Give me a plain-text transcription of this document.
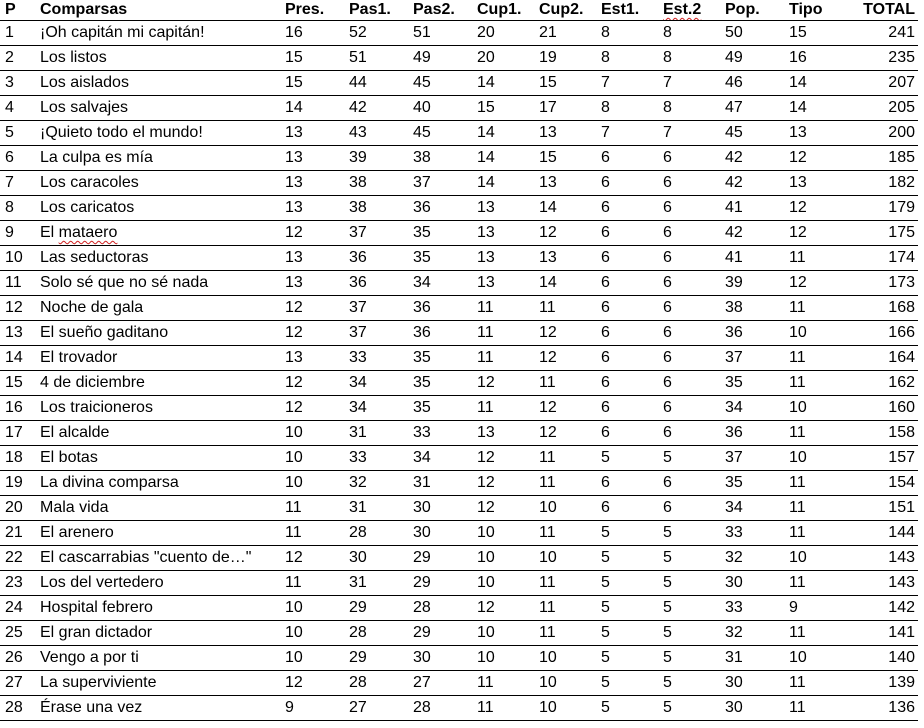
P	Comparsas	Pres.	Pas1.	Pas2.	Cup1.	Cup2.	Est1.	Est.2	Pop.	Tipo	TOTAL
1	¡Oh capitán mi capitán!	16	52	51	20	21	8	8	50	15	241
2	Los listos	15	51	49	20	19	8	8	49	16	235
3	Los aislados	15	44	45	14	15	7	7	46	14	207
4	Los salvajes	14	42	40	15	17	8	8	47	14	205
5	¡Quieto todo el mundo!	13	43	45	14	13	7	7	45	13	200
6	La culpa es mía	13	39	38	14	15	6	6	42	12	185
7	Los caracoles	13	38	37	14	13	6	6	42	13	182
8	Los caricatos	13	38	36	13	14	6	6	41	12	179
9	El mataero	12	37	35	13	12	6	6	42	12	175
10	Las seductoras	13	36	35	13	13	6	6	41	11	174
11	Solo sé que no sé nada	13	36	34	13	14	6	6	39	12	173
12	Noche de gala	12	37	36	11	11	6	6	38	11	168
13	El sueño gaditano	12	37	36	11	12	6	6	36	10	166
14	El trovador	13	33	35	11	12	6	6	37	11	164
15	4 de diciembre	12	34	35	12	11	6	6	35	11	162
16	Los traicioneros	12	34	35	11	12	6	6	34	10	160
17	El alcalde	10	31	33	13	12	6	6	36	11	158
18	El botas	10	33	34	12	11	5	5	37	10	157
19	La divina comparsa	10	32	31	12	11	6	6	35	11	154
20	Mala vida	11	31	30	12	10	6	6	34	11	151
21	El arenero	11	28	30	10	11	5	5	33	11	144
22	El cascarrabias "cuento de…"	12	30	29	10	10	5	5	32	10	143
23	Los del vertedero	11	31	29	10	11	5	5	30	11	143
24	Hospital febrero	10	29	28	12	11	5	5	33	9	142
25	El gran dictador	10	28	29	10	11	5	5	32	11	141
26	Vengo a por ti	10	29	30	10	10	5	5	31	10	140
27	La superviviente	12	28	27	11	10	5	5	30	11	139
28	Érase una vez	9	27	28	11	10	5	5	30	11	136
